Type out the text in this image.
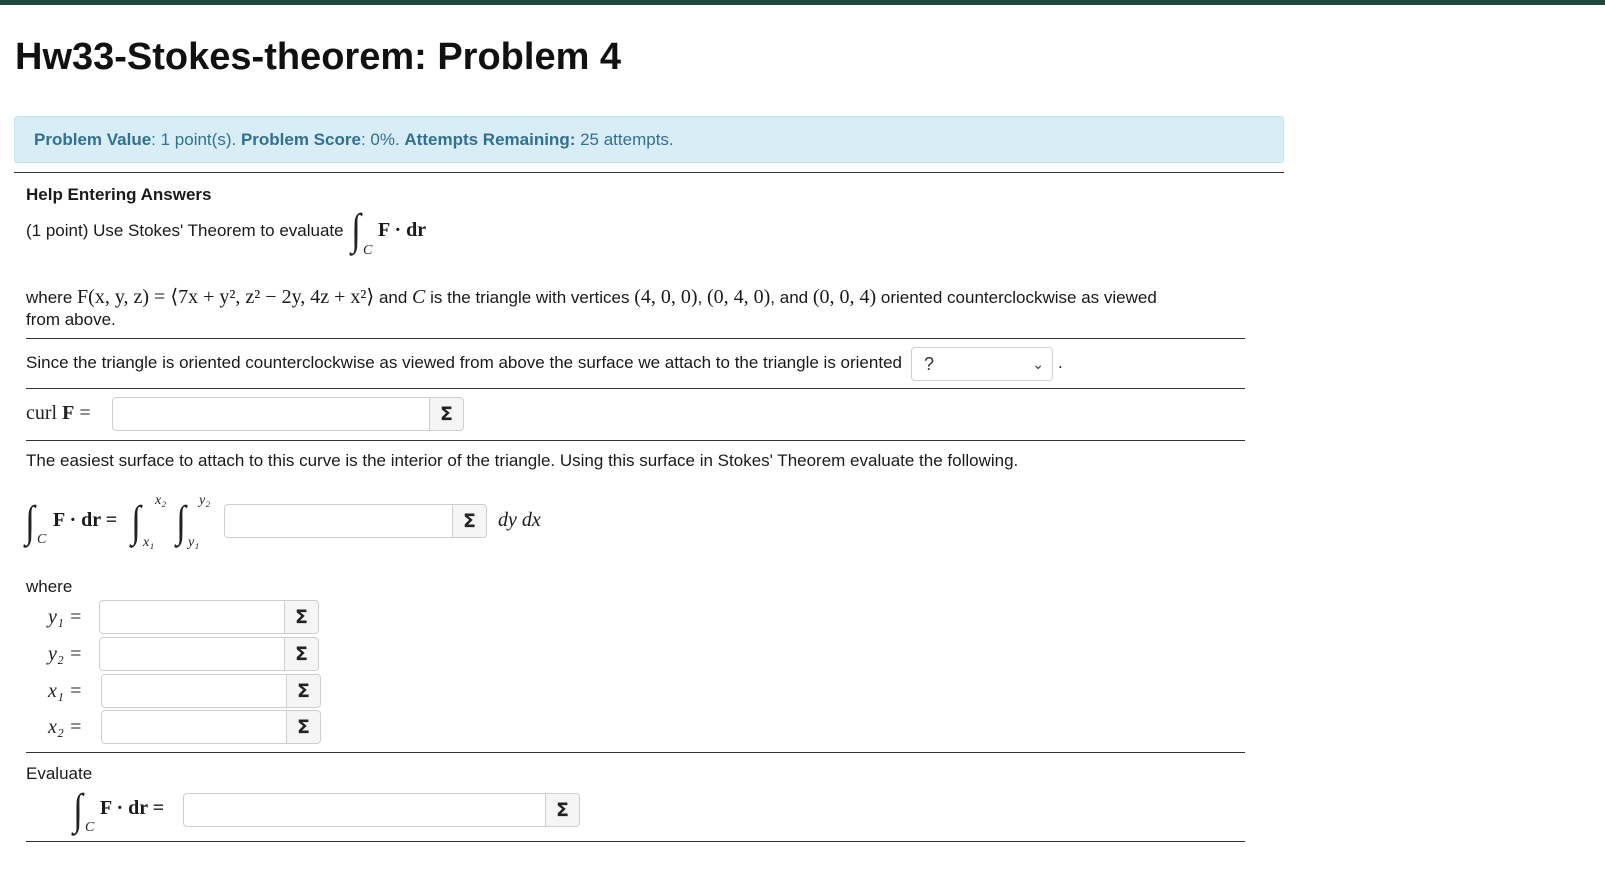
Hw33-Stokes-theorem: Problem 4
Problem Value: 1 point(s). Problem Score: 0%. Attempts Remaining: 25 attempts.
Help Entering Answers
(1 point) Use Stokes' Theorem to evaluate ∫ C
F · dr
where F(x, y, z) = ⟨7x + y², z² − 2y, 4z + x²⟩ and C is the triangle with vertices (4, 0, 0), (0, 4, 0), and (0, 0, 4) oriented counterclockwise as viewed
from above.
Since the triangle is oriented counterclockwise as viewed from above the surface we attach to the triangle is oriented	?	⌄ .
curl F =	Σ
The easiest surface to attach to this curve is the interior of the triangle. Using this surface in Stokes' Theorem evaluate the following.
∫ C
F · dr = ∫ x₂
x₁ ∫ y₂
y₁
Σ	dy dx
where
y₁ =	Σ
y₂ =	Σ
x₁ =	Σ
x₂ =	Σ
Evaluate
∫ C
F · dr =	Σ
